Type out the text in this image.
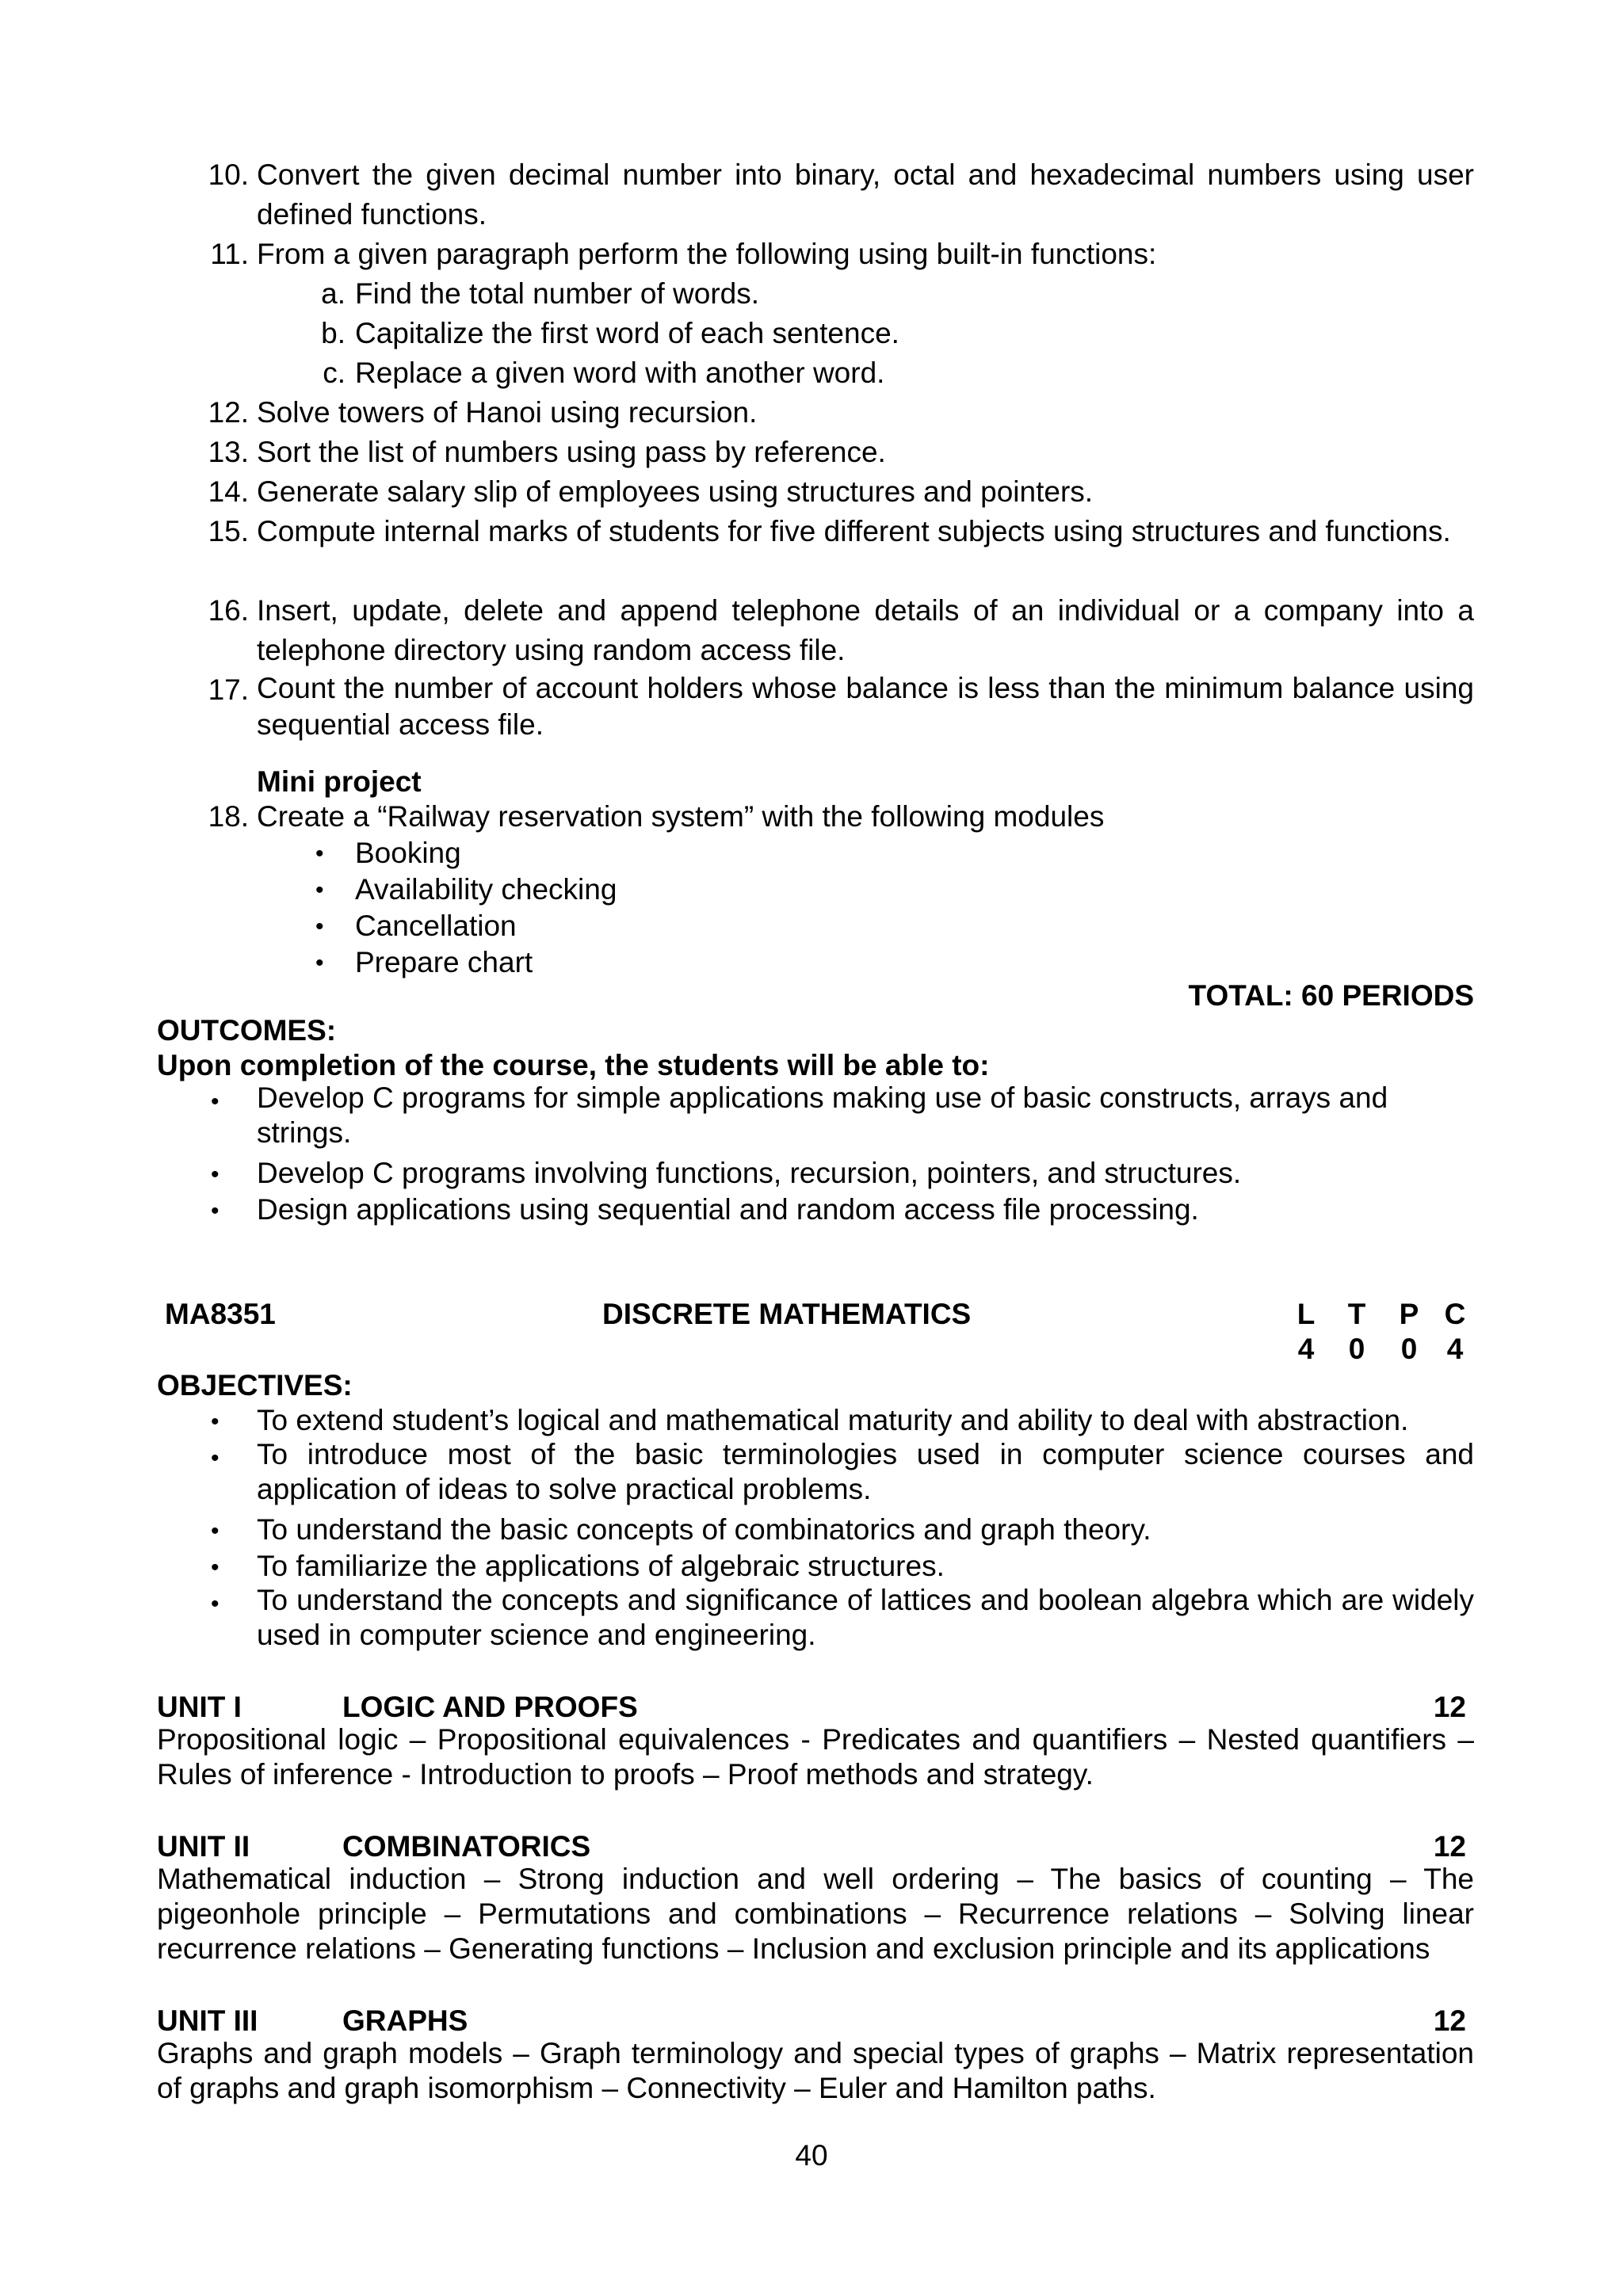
10. Convert the given decimal number into binary, octal and hexadecimal numbers using user defined functions.
11. From a given paragraph perform the following using built-in functions:
a. Find the total number of words.
b. Capitalize the first word of each sentence.
c. Replace a given word with another word.
12. Solve towers of Hanoi using recursion.
13. Sort the list of numbers using pass by reference.
14. Generate salary slip of employees using structures and pointers.
15. Compute internal marks of students for five different subjects using structures and functions.
16. Insert, update, delete and append telephone details of an individual or a company into a telephone directory using random access file.
17. Count the number of account holders whose balance is less than the minimum balance using sequential access file.
Mini project
18. Create a “Railway reservation system” with the following modules
• Booking
• Availability checking
• Cancellation
• Prepare chart
TOTAL: 60 PERIODS
OUTCOMES:
Upon completion of the course, the students will be able to:
• Develop C programs for simple applications making use of basic constructs, arrays and strings.
• Develop C programs involving functions, recursion, pointers, and structures.
• Design applications using sequential and random access file processing.
MA8351	DISCRETE MATHEMATICS	L T P C
4 0 0 4
OBJECTIVES:
• To extend student’s logical and mathematical maturity and ability to deal with abstraction.
• To introduce most of the basic terminologies used in computer science courses and application of ideas to solve practical problems.
• To understand the basic concepts of combinatorics and graph theory.
• To familiarize the applications of algebraic structures.
• To understand the concepts and significance of lattices and boolean algebra which are widely used in computer science and engineering.
UNIT I	LOGIC AND PROOFS	12
Propositional logic – Propositional equivalences - Predicates and quantifiers – Nested quantifiers – Rules of inference - Introduction to proofs – Proof methods and strategy.
UNIT II	COMBINATORICS	12
Mathematical induction – Strong induction and well ordering – The basics of counting – The pigeonhole principle – Permutations and combinations – Recurrence relations – Solving linear recurrence relations – Generating functions – Inclusion and exclusion principle and its applications
UNIT III	GRAPHS	12
Graphs and graph models – Graph terminology and special types of graphs – Matrix representation of graphs and graph isomorphism – Connectivity – Euler and Hamilton paths.
40
